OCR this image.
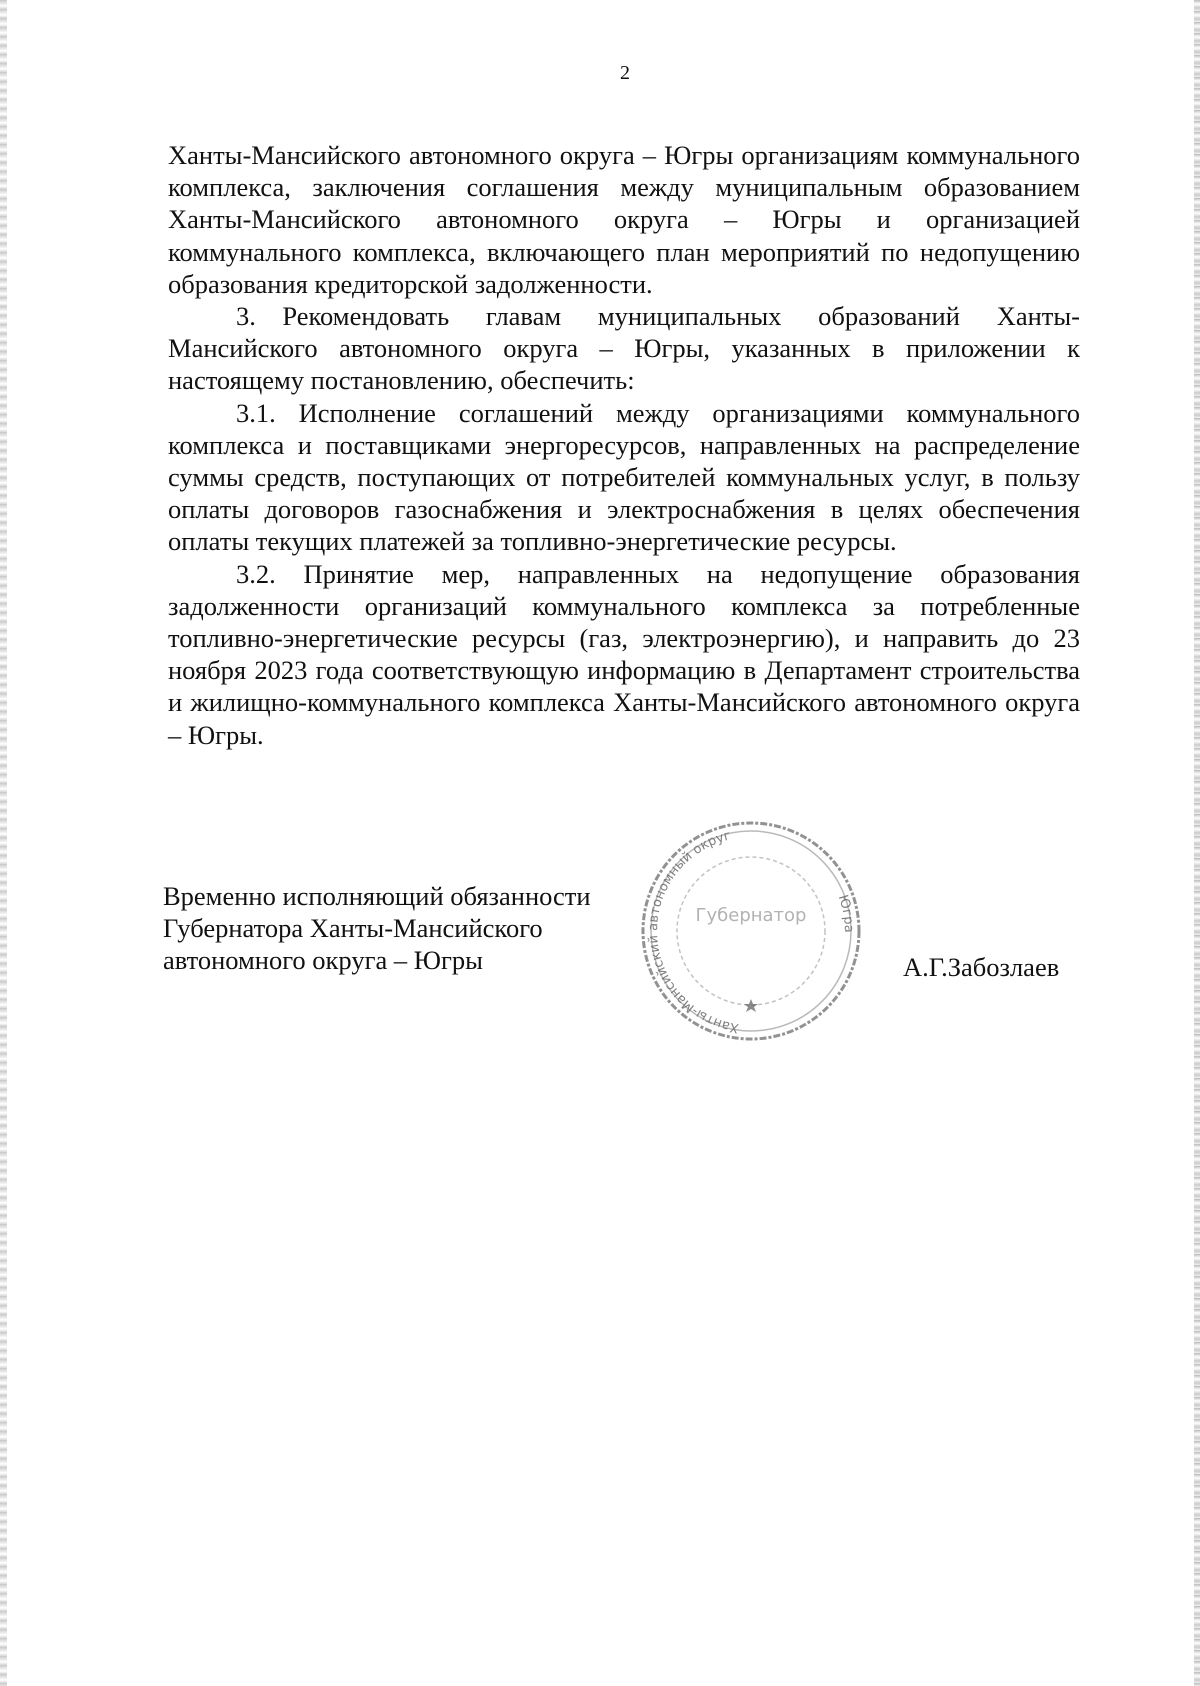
2

Ханты-Мансийского автономного округа – Югры организациям коммунального комплекса, заключения соглашения между муниципальным образованием Ханты-Мансийского автономного округа – Югры и организацией коммунального комплекса, включающего план мероприятий по недопущению образования кредиторской задолженности.

3. Рекомендовать главам муниципальных образований Ханты-Мансийского автономного округа – Югры, указанных в приложении к настоящему постановлению, обеспечить:

3.1. Исполнение соглашений между организациями коммунального комплекса и поставщиками энергоресурсов, направленных на распределение суммы средств, поступающих от потребителей коммунальных услуг, в пользу оплаты договоров газоснабжения и электроснабжения в целях обеспечения оплаты текущих платежей за топливно-энергетические ресурсы.

3.2. Принятие мер, направленных на недопущение образования задолженности организаций коммунального комплекса за потребленные топливно-энергетические ресурсы (газ, электроэнергию), и направить до 23 ноября 2023 года соответствующую информацию в Департамент строительства и жилищно-коммунального комплекса Ханты-Мансийского автономного округа – Югры.

Временно исполняющий обязанности
Губернатора Ханты-Мансийского
автономного округа – Югры
Ханты-Мансийский автономный округ
Югра
Губернатор
А.Г.Забозлаев
